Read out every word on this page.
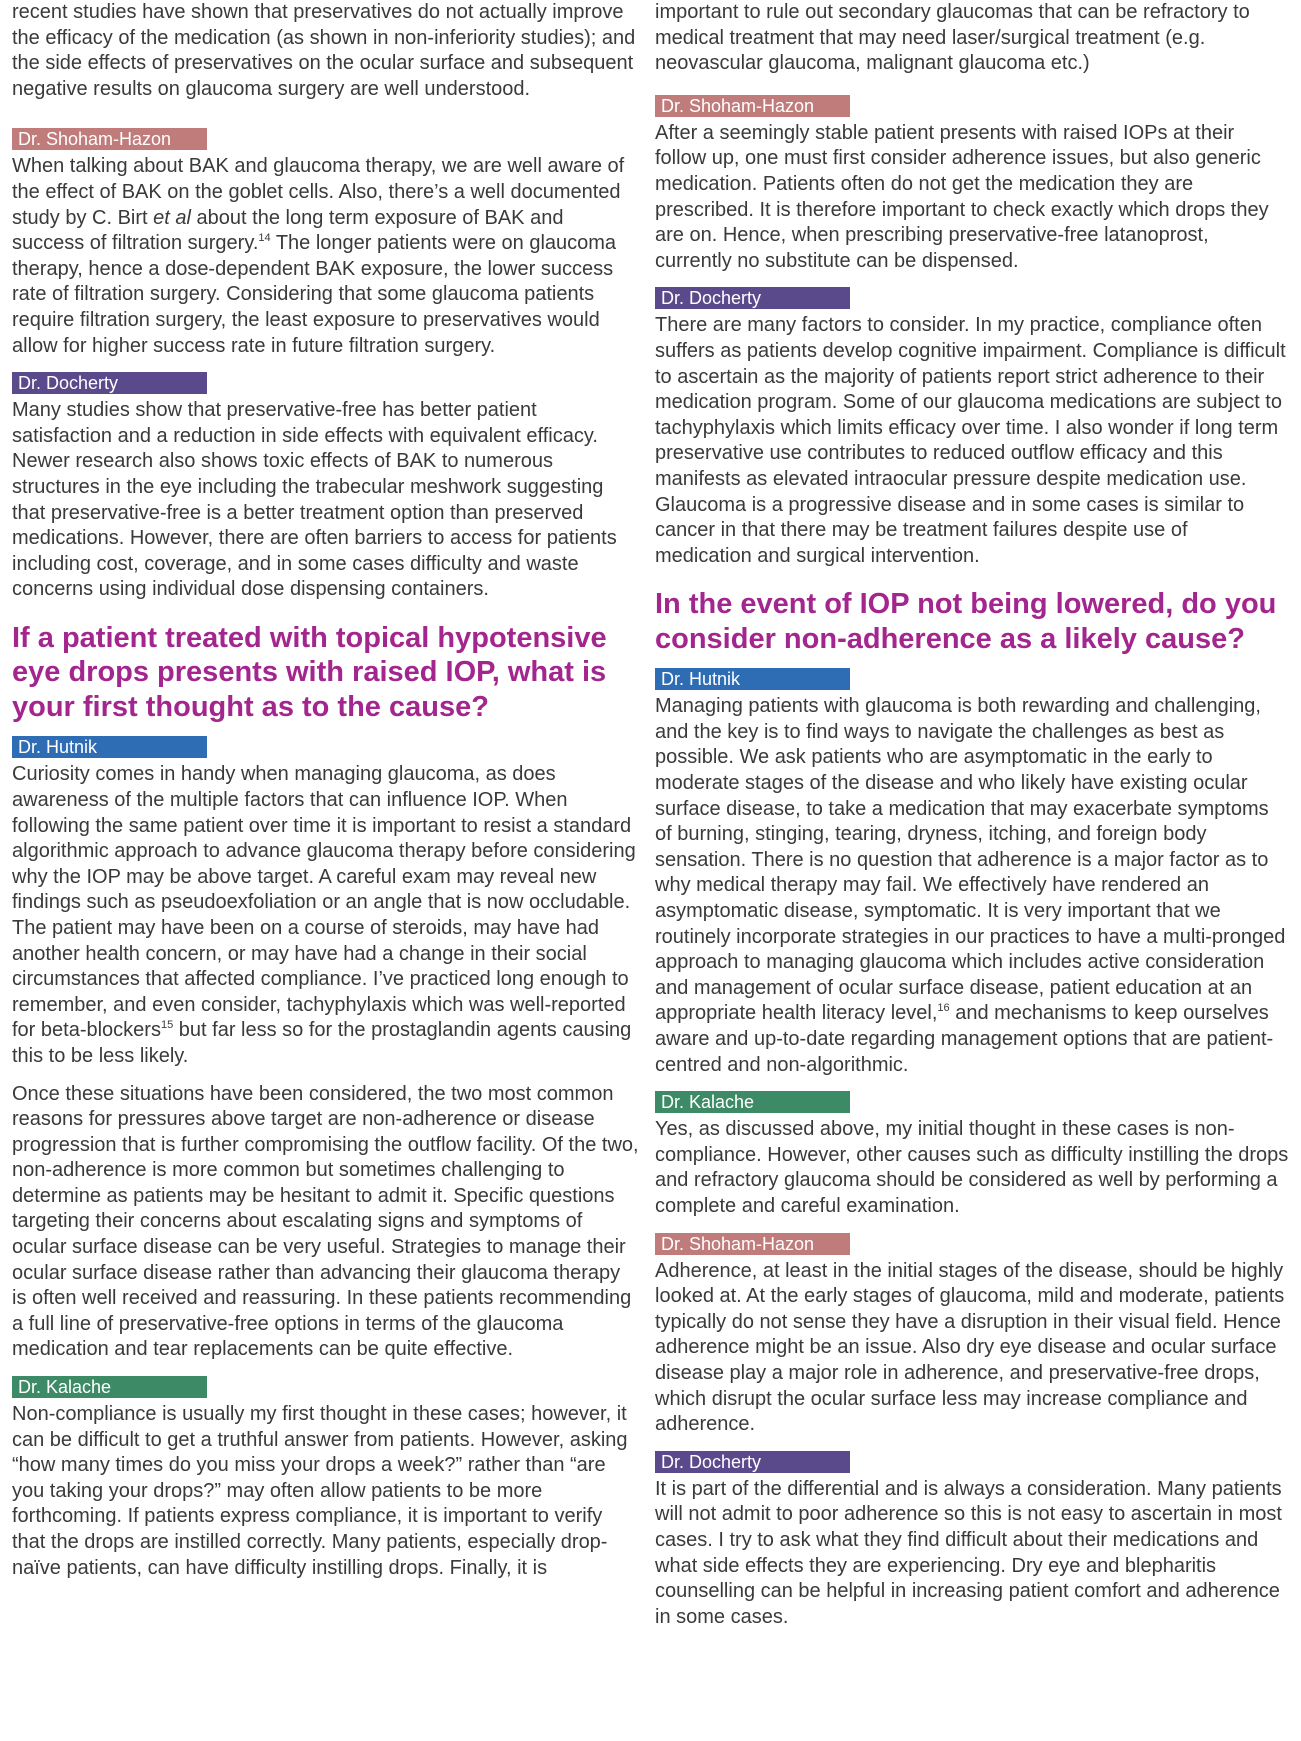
recent studies have shown that preservatives do not actually improve the efficacy of the medication (as shown in non-inferiority studies); and the side effects of preservatives on the ocular surface and subsequent negative results on glaucoma surgery are well understood.

Dr. Shoham-Hazon

When talking about BAK and glaucoma therapy, we are well aware of the effect of BAK on the goblet cells. Also, there’s a well documented study by C. Birt et al about the long term exposure of BAK and success of filtration surgery.$^{14}$ The longer patients were on glaucoma therapy, hence a dose-dependent BAK exposure, the lower success rate of filtration surgery. Considering that some glaucoma patients require filtration surgery, the least exposure to preservatives would allow for higher success rate in future filtration surgery.

Dr. Docherty

Many studies show that preservative-free has better patient satisfaction and a reduction in side effects with equivalent efficacy. Newer research also shows toxic effects of BAK to numerous structures in the eye including the trabecular meshwork suggesting that preservative-free is a better treatment option than preserved medications. However, there are often barriers to access for patients including cost, coverage, and in some cases difficulty and waste concerns using individual dose dispensing containers.

If a patient treated with topical hypotensive eye drops presents with raised IOP, what is your first thought as to the cause?
Dr. Hutnik

Curiosity comes in handy when managing glaucoma, as does awareness of the multiple factors that can influence IOP. When following the same patient over time it is important to resist a standard algorithmic approach to advance glaucoma therapy before considering why the IOP may be above target. A careful exam may reveal new findings such as pseudoexfoliation or an angle that is now occludable. The patient may have been on a course of steroids, may have had another health concern, or may have had a change in their social circumstances that affected compliance. I’ve practiced long enough to remember, and even consider, tachyphylaxis which was well-reported for beta-blockers$^{15}$ but far less so for the prostaglandin agents causing this to be less likely.

Once these situations have been considered, the two most common reasons for pressures above target are non-adherence or disease progression that is further compromising the outflow facility. Of the two, non-adherence is more common but sometimes challenging to determine as patients may be hesitant to admit it. Specific questions targeting their concerns about escalating signs and symptoms of ocular surface disease can be very useful. Strategies to manage their ocular surface disease rather than advancing their glaucoma therapy is often well received and reassuring. In these patients recommending a full line of preservative-free options in terms of the glaucoma medication and tear replacements can be quite effective.

Dr. Kalache

Non-compliance is usually my first thought in these cases; however, it can be difficult to get a truthful answer from patients. However, asking “how many times do you miss your drops a week?” rather than “are you taking your drops?” may often allow patients to be more forthcoming. If patients express compliance, it is important to verify that the drops are instilled correctly. Many patients, especially drop-naïve patients, can have difficulty instilling drops. Finally, it is

important to rule out secondary glaucomas that can be refractory to medical treatment that may need laser/surgical treatment (e.g. neovascular glaucoma, malignant glaucoma etc.)

Dr. Shoham-Hazon

After a seemingly stable patient presents with raised IOPs at their follow up, one must first consider adherence issues, but also generic medication. Patients often do not get the medication they are prescribed. It is therefore important to check exactly which drops they are on. Hence, when prescribing preservative-free latanoprost, currently no substitute can be dispensed.

Dr. Docherty

There are many factors to consider. In my practice, compliance often suffers as patients develop cognitive impairment. Compliance is difficult to ascertain as the majority of patients report strict adherence to their medication program. Some of our glaucoma medications are subject to tachyphylaxis which limits efficacy over time. I also wonder if long term preservative use contributes to reduced outflow efficacy and this manifests as elevated intraocular pressure despite medication use. Glaucoma is a progressive disease and in some cases is similar to cancer in that there may be treatment failures despite use of medication and surgical intervention.

In the event of IOP not being lowered, do you consider non-adherence as a likely cause?
Dr. Hutnik

Managing patients with glaucoma is both rewarding and challenging, and the key is to find ways to navigate the challenges as best as possible. We ask patients who are asymptomatic in the early to moderate stages of the disease and who likely have existing ocular surface disease, to take a medication that may exacerbate symptoms of burning, stinging, tearing, dryness, itching, and foreign body sensation. There is no question that adherence is a major factor as to why medical therapy may fail. We effectively have rendered an asymptomatic disease, symptomatic. It is very important that we routinely incorporate strategies in our practices to have a multi-pronged approach to managing glaucoma which includes active consideration and management of ocular surface disease, patient education at an appropriate health literacy level,$^{16}$ and mechanisms to keep ourselves aware and up-to-date regarding management options that are patient-centred and non-algorithmic.

Dr. Kalache

Yes, as discussed above, my initial thought in these cases is non-compliance. However, other causes such as difficulty instilling the drops and refractory glaucoma should be considered as well by performing a complete and careful examination.

Dr. Shoham-Hazon

Adherence, at least in the initial stages of the disease, should be highly looked at. At the early stages of glaucoma, mild and moderate, patients typically do not sense they have a disruption in their visual field. Hence adherence might be an issue. Also dry eye disease and ocular surface disease play a major role in adherence, and preservative-free drops, which disrupt the ocular surface less may increase compliance and adherence.

Dr. Docherty

It is part of the differential and is always a consideration. Many patients will not admit to poor adherence so this is not easy to ascertain in most cases. I try to ask what they find difficult about their medications and what side effects they are experiencing. Dry eye and blepharitis counselling can be helpful in increasing patient comfort and adherence in some cases.
